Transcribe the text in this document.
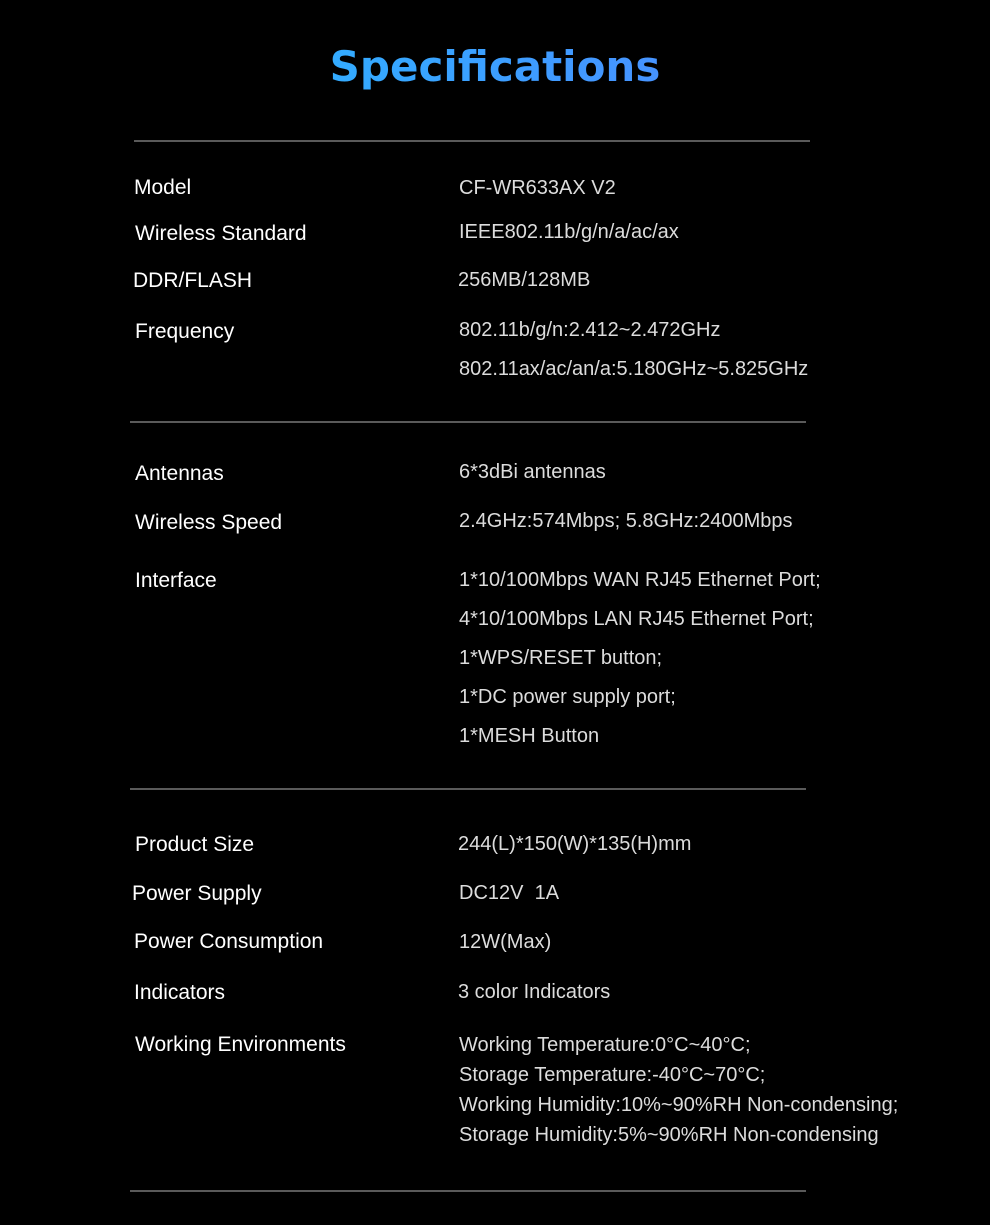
Specifications
Model	CF-WR633AX V2
Wireless Standard	IEEE802.11b/g/n/a/ac/ax
DDR/FLASH	256MB/128MB
Frequency	802.11b/g/n:2.412~2.472GHz
802.11ax/ac/an/a:5.180GHz~5.825GHz
Antennas	6*3dBi antennas
Wireless Speed	2.4GHz:574Mbps; 5.8GHz:2400Mbps
Interface	1*10/100Mbps WAN RJ45 Ethernet Port;
4*10/100Mbps LAN RJ45 Ethernet Port;
1*WPS/RESET button;
1*DC power supply port;
1*MESH Button
Product Size	244(L)*150(W)*135(H)mm
Power Supply	DC12V  1A
Power Consumption	12W(Max)
Indicators	3 color Indicators
Working Environments	Working Temperature:0°C~40°C;
Storage Temperature:-40°C~70°C;
Working Humidity:10%~90%RH Non-condensing;
Storage Humidity:5%~90%RH Non-condensing
